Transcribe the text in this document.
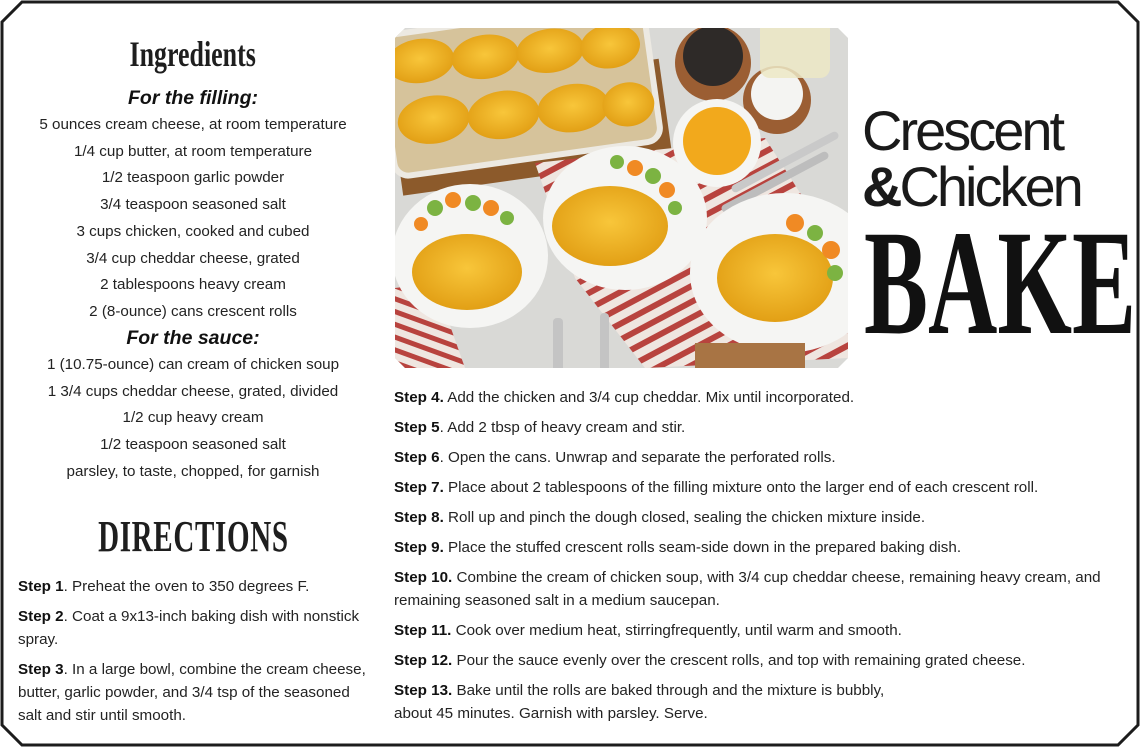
Ingredients
For the filling:
5 ounces cream cheese, at room temperature
1/4 cup butter, at room temperature
1/2 teaspoon garlic powder
3/4 teaspoon seasoned salt
3 cups chicken, cooked and cubed
3/4 cup cheddar cheese, grated
2 tablespoons heavy cream
2 (8-ounce) cans crescent rolls
For the sauce:
1 (10.75-ounce) can cream of chicken soup
1 3/4 cups cheddar cheese, grated, divided
1/2 cup heavy cream
1/2 teaspoon seasoned salt
parsley, to taste, chopped, for garnish
DIRECTIONS

Step 1. Preheat the oven to 350 degrees F.

Step 2. Coat a 9x13-inch baking dish with nonstick spray.

Step 3. In a large bowl, combine the cream cheese, butter, garlic powder, and 3/4 tsp of the seasoned salt and stir until smooth.

Crescent
&Chicken
BAKE

Step 4. Add the chicken and 3/4 cup cheddar. Mix until incorporated.

Step 5. Add 2 tbsp of heavy cream and stir.

Step 6. Open the cans. Unwrap and separate the perforated rolls.

Step 7. Place about 2 tablespoons of the filling mixture onto the larger end of each crescent roll.

Step 8. Roll up and pinch the dough closed, sealing the chicken mixture inside.

Step 9. Place the stuffed crescent rolls seam-side down in the prepared baking dish.

Step 10. Combine the cream of chicken soup, with 3/4 cup cheddar cheese, remaining heavy cream, and remaining seasoned salt in a medium saucepan.

Step 11. Cook over medium heat, stirringfrequently, until warm and smooth.

Step 12. Pour the sauce evenly over the crescent rolls, and top with remaining grated cheese.

Step 13. Bake until the rolls are baked through and the mixture is bubbly,
about 45 minutes. Garnish with parsley. Serve.
